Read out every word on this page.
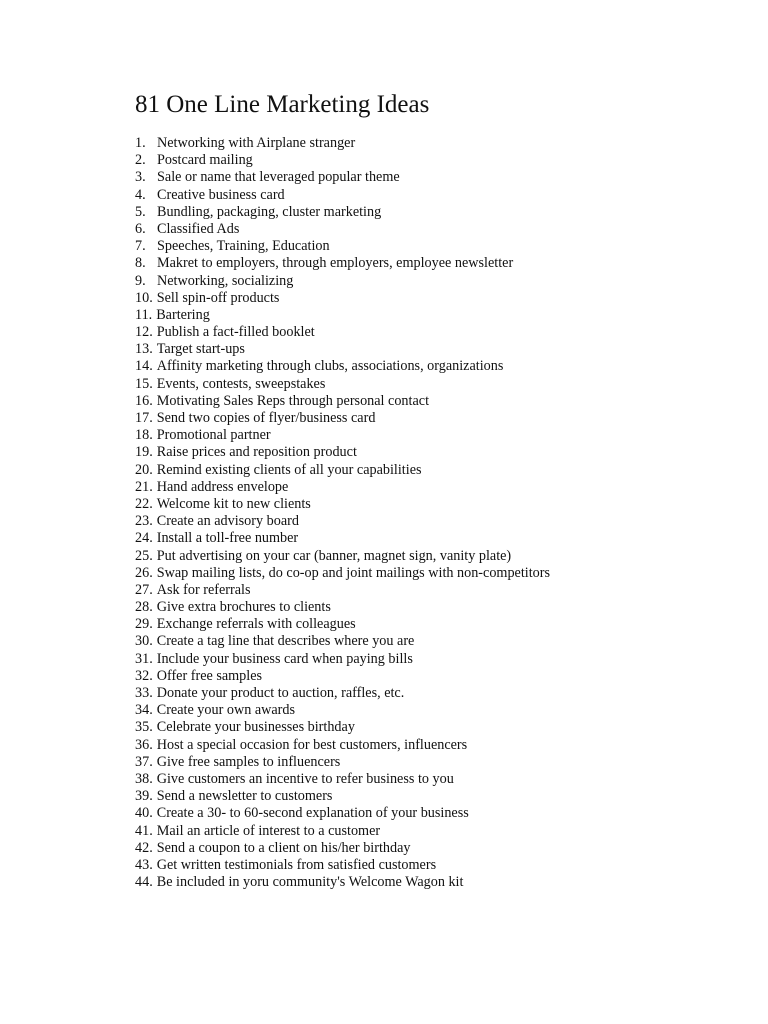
81 One Line Marketing Ideas
1. Networking with Airplane stranger
2. Postcard mailing
3. Sale or name that leveraged popular theme
4. Creative business card
5. Bundling, packaging, cluster marketing
6. Classified Ads
7. Speeches, Training, Education
8. Makret to employers, through employers, employee newsletter
9. Networking, socializing
10. Sell spin-off products
11. Bartering
12. Publish a fact-filled booklet
13. Target start-ups
14. Affinity marketing through clubs, associations, organizations
15. Events, contests, sweepstakes
16. Motivating Sales Reps through personal contact
17. Send two copies of flyer/business card
18. Promotional partner
19. Raise prices and reposition product
20. Remind existing clients of all your capabilities
21. Hand address envelope
22. Welcome kit to new clients
23. Create an advisory board
24. Install a toll-free number
25. Put advertising on your car (banner, magnet sign, vanity plate)
26. Swap mailing lists, do co-op and joint mailings with non-competitors
27. Ask for referrals
28. Give extra brochures to clients
29. Exchange referrals with colleagues
30. Create a tag line that describes where you are
31. Include your business card when paying bills
32. Offer free samples
33. Donate your product to auction, raffles, etc.
34. Create your own awards
35. Celebrate your businesses birthday
36. Host a special occasion for best customers, influencers
37. Give free samples to influencers
38. Give customers an incentive to refer business to you
39. Send a newsletter to customers
40. Create a 30- to 60-second explanation of your business
41. Mail an article of interest to a customer
42. Send a coupon to a client on his/her birthday
43. Get written testimonials from satisfied customers
44. Be included in yoru community's Welcome Wagon kit
